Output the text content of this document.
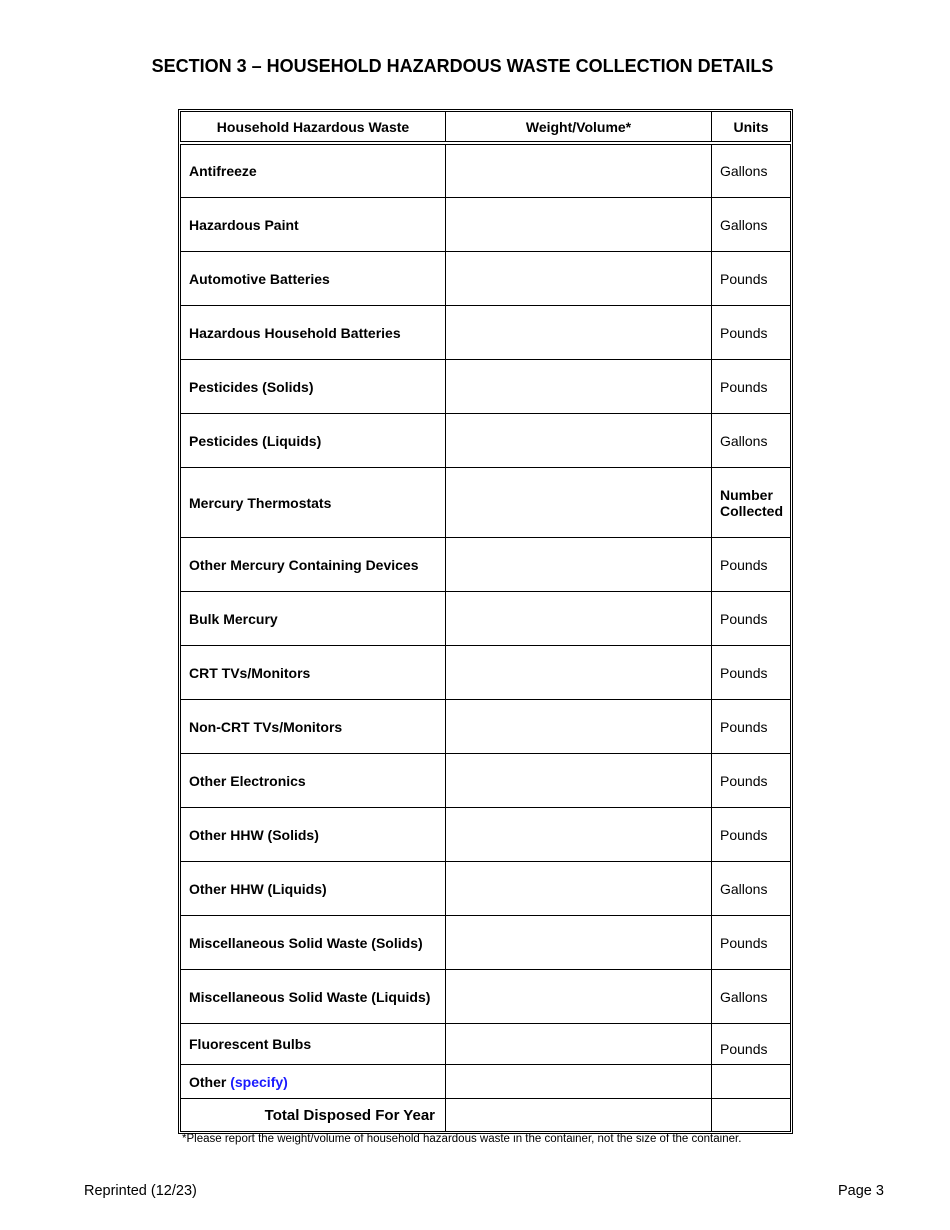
SECTION 3 – HOUSEHOLD HAZARDOUS WASTE COLLECTION DETAILS
Household Hazardous Waste	Weight/Volume*	Units

Antifreeze		Gallons
Hazardous Paint		Gallons
Automotive Batteries		Pounds
Hazardous Household Batteries		Pounds
Pesticides (Solids)		Pounds
Pesticides (Liquids)		Gallons
Mercury Thermostats		Number
Collected
Other Mercury Containing Devices		Pounds
Bulk Mercury		Pounds
CRT TVs/Monitors		Pounds
Non-CRT TVs/Monitors		Pounds
Other Electronics		Pounds
Other HHW (Solids)		Pounds
Other HHW (Liquids)		Gallons
Miscellaneous Solid Waste (Solids)		Pounds
Miscellaneous Solid Waste (Liquids)		Gallons
Fluorescent Bulbs		Pounds
Other (specify)		
Total Disposed For Year		

*Please report the weight/volume of household hazardous waste in the container, not the size of the container.

Reprinted (12/23)	Page 3
